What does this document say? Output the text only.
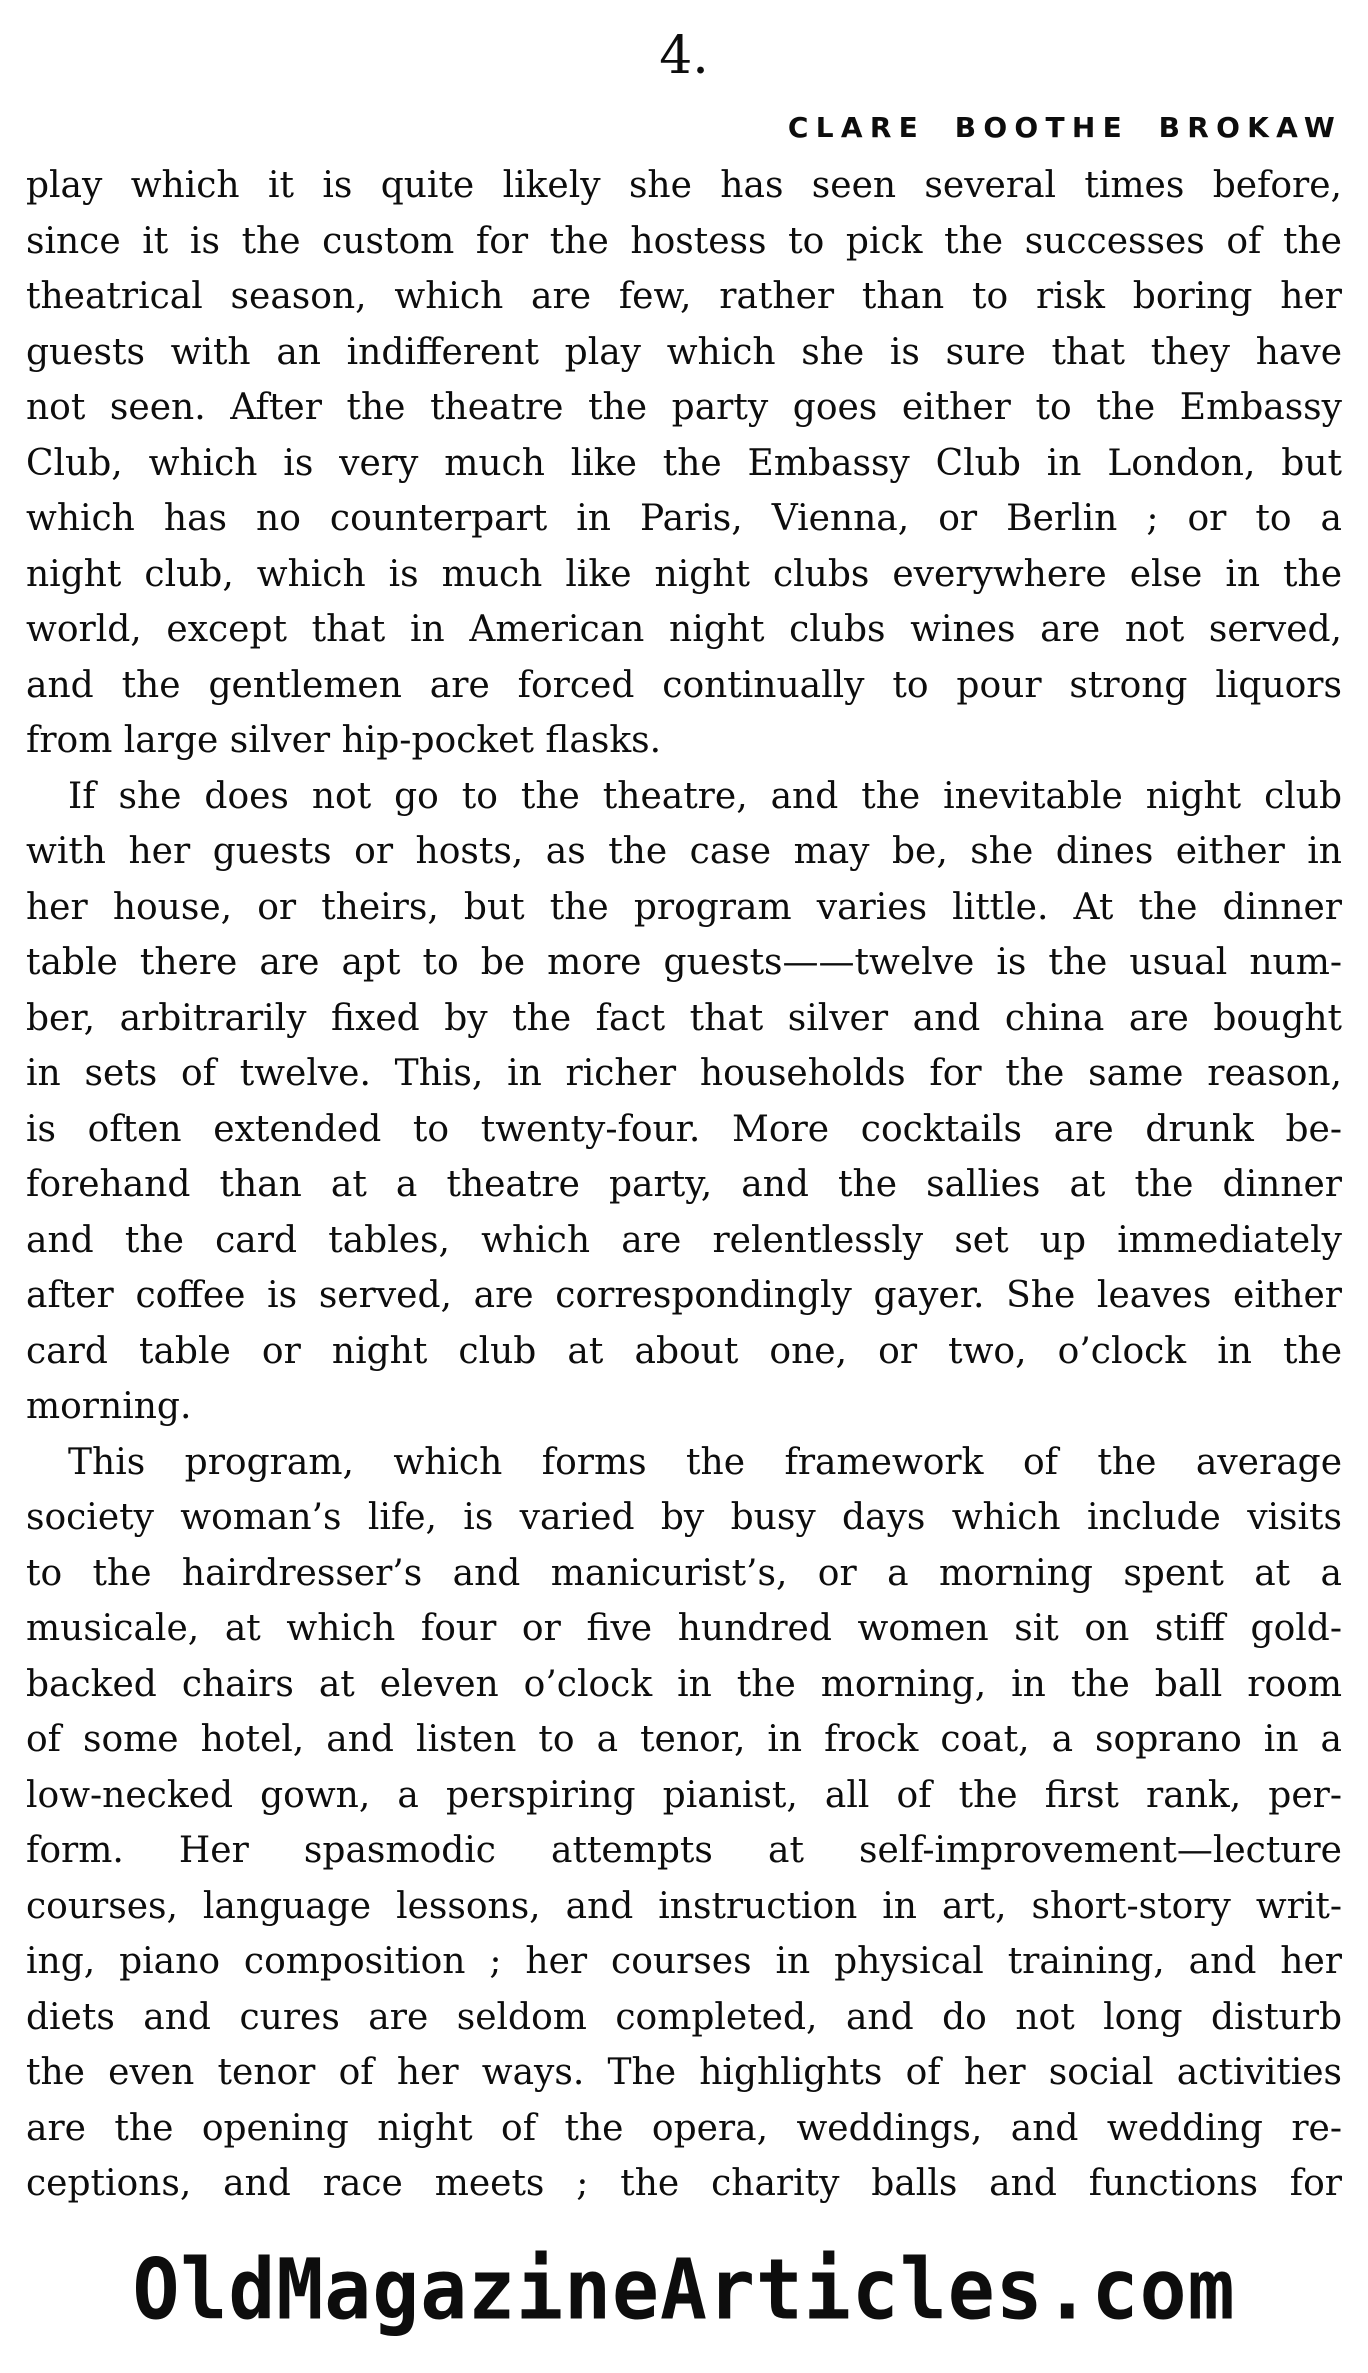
4.
CLARE BOOTHE BROKAW
play which it is quite likely she has seen several times before,
since it is the custom for the hostess to pick the successes of the
theatrical season, which are few, rather than to risk boring her
guests with an indifferent play which she is sure that they have
not seen. After the theatre the party goes either to the Embassy
Club, which is very much like the Embassy Club in London, but
which has no counterpart in Paris, Vienna, or Berlin ; or to a
night club, which is much like night clubs everywhere else in the
world, except that in American night clubs wines are not served,
and the gentlemen are forced continually to pour strong liquors
from large silver hip-pocket flasks.
If she does not go to the theatre, and the inevitable night club
with her guests or hosts, as the case may be, she dines either in
her house, or theirs, but the program varies little. At the dinner
table there are apt to be more guests——twelve is the usual num-
ber, arbitrarily fixed by the fact that silver and china are bought
in sets of twelve. This, in richer households for the same reason,
is often extended to twenty-four. More cocktails are drunk be-
forehand than at a theatre party, and the sallies at the dinner
and the card tables, which are relentlessly set up immediately
after coffee is served, are correspondingly gayer. She leaves either
card table or night club at about one, or two, o’clock in the
morning.
This program, which forms the framework of the average
society woman’s life, is varied by busy days which include visits
to the hairdresser’s and manicurist’s, or a morning spent at a
musicale, at which four or five hundred women sit on stiff gold-
backed chairs at eleven o’clock in the morning, in the ball room
of some hotel, and listen to a tenor, in frock coat, a soprano in a
low-necked gown, a perspiring pianist, all of the first rank, per-
form. Her spasmodic attempts at self-improvement—lecture
courses, language lessons, and instruction in art, short-story writ-
ing, piano composition ; her courses in physical training, and her
diets and cures are seldom completed, and do not long disturb
the even tenor of her ways. The highlights of her social activities
are the opening night of the opera, weddings, and wedding re-
ceptions, and race meets ; the charity balls and functions for
OldMagazineArticles.com
